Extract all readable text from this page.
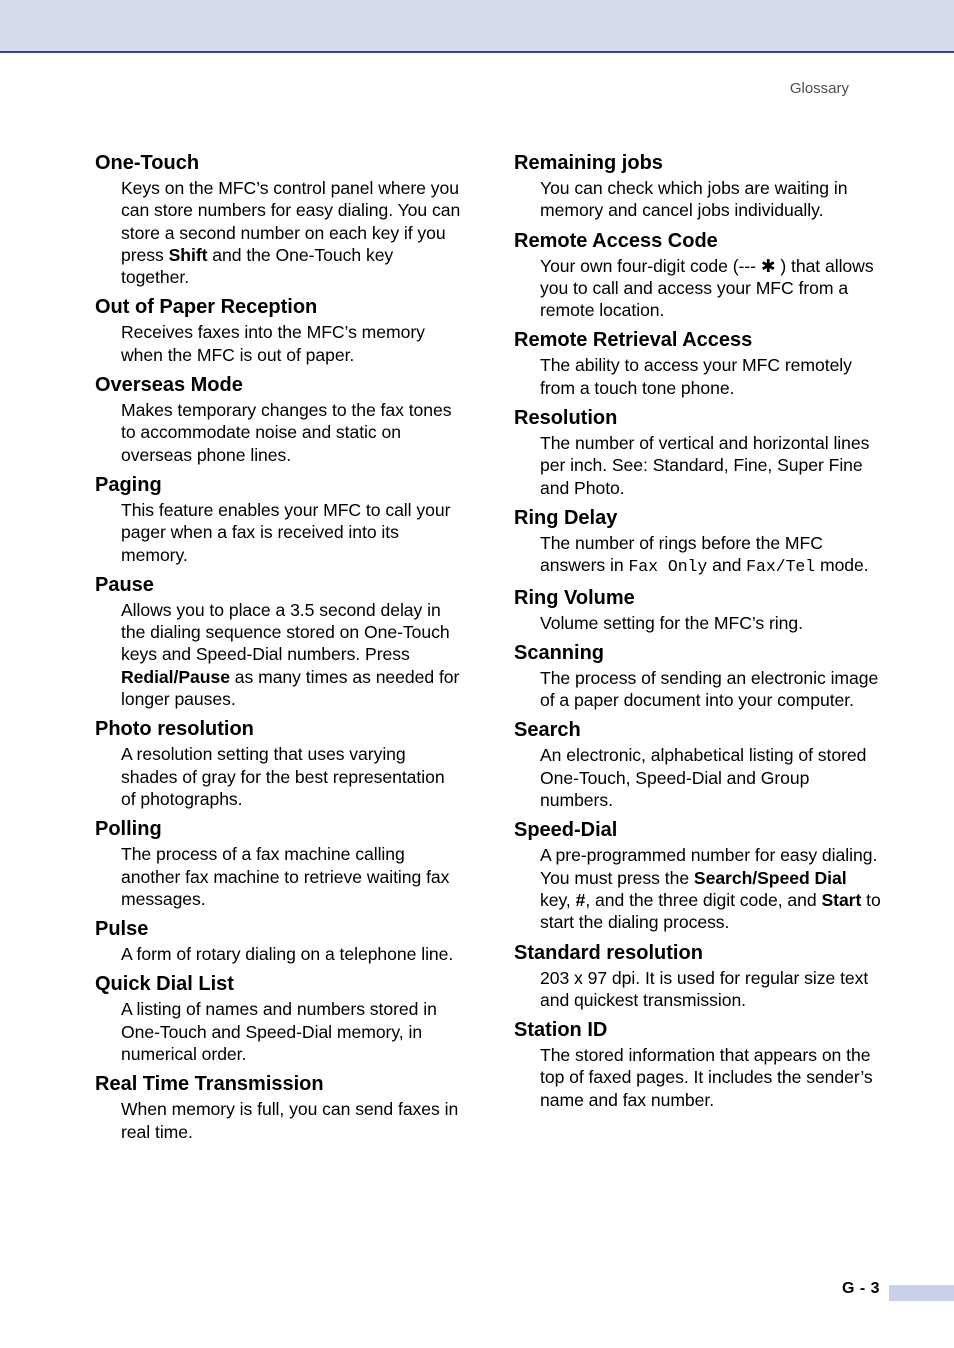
Glossary
One-Touch
Keys on the MFC’s control panel where you can store numbers for easy dialing. You can store a second number on each key if you press Shift and the One-Touch key together.
Out of Paper Reception
Receives faxes into the MFC’s memory when the MFC is out of paper.
Overseas Mode
Makes temporary changes to the fax tones to accommodate noise and static on overseas phone lines.
Paging
This feature enables your MFC to call your pager when a fax is received into its memory.
Pause
Allows you to place a 3.5 second delay in the dialing sequence stored on One-Touch keys and Speed-Dial numbers. Press Redial/Pause as many times as needed for longer pauses.
Photo resolution
A resolution setting that uses varying shades of gray for the best representation of photographs.
Polling
The process of a fax machine calling another fax machine to retrieve waiting fax messages.
Pulse
A form of rotary dialing on a telephone line.
Quick Dial List
A listing of names and numbers stored in One-Touch and Speed-Dial memory, in numerical order.
Real Time Transmission
When memory is full, you can send faxes in real time.
Remaining jobs
You can check which jobs are waiting in memory and cancel jobs individually.
Remote Access Code
Your own four-digit code (--- ✱ ) that allows you to call and access your MFC from a remote location.
Remote Retrieval Access
The ability to access your MFC remotely from a touch tone phone.
Resolution
The number of vertical and horizontal lines per inch. See: Standard, Fine, Super Fine and Photo.
Ring Delay
The number of rings before the MFC answers in Fax Only and Fax/Tel mode.
Ring Volume
Volume setting for the MFC’s ring.
Scanning
The process of sending an electronic image of a paper document into your computer.
Search
An electronic, alphabetical listing of stored One-Touch, Speed-Dial and Group numbers.
Speed-Dial
A pre-programmed number for easy dialing. You must press the Search/Speed Dial key, #, and the three digit code, and Start to start the dialing process.
Standard resolution
203 x 97 dpi. It is used for regular size text and quickest transmission.
Station ID
The stored information that appears on the top of faxed pages. It includes the sender’s name and fax number.
G - 3
